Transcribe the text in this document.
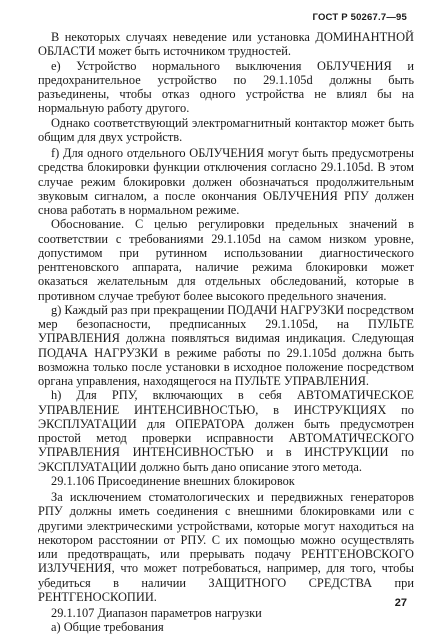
ГОСТ Р 50267.7—95

В некоторых случаях неведение или установка ДОМИНАНТНОЙ ОБЛАСТИ может быть источником трудностей.

e) Устройство нормального выключения ОБЛУЧЕНИЯ и предохранительное устройство по 29.1.105d должны быть разъединены, чтобы отказ одного устройства не влиял бы на нормальную работу другого.

Однако соответствующий электромагнитный контактор может быть общим для двух устройств.

f) Для одного отдельного ОБЛУЧЕНИЯ могут быть предусмотрены средства блокировки функции отключения согласно 29.1.105d. В этом случае режим блокировки должен обозначаться продолжительным звуковым сигналом, а после окончания ОБЛУЧЕНИЯ РПУ должен снова работать в нормальном режиме.

Обоснование. С целью регулировки предельных значений в соответствии с требованиями 29.1.105d на самом низком уровне, допустимом при рутинном использовании диагностического рентгеновского аппарата, наличие режима блокировки может оказаться желательным для отдельных обследований, которые в противном случае требуют более высокого предельного значения.

g) Каждый раз при прекращении ПОДАЧИ НАГРУЗКИ посредством мер безопасности, предписанных 29.1.105d, на ПУЛЬТЕ УПРАВЛЕНИЯ должна появляться видимая индикация. Следующая ПОДАЧА НАГРУЗКИ в режиме работы по 29.1.105d должна быть возможна только после установки в исходное положение посредством органа управления, находящегося на ПУЛЬТЕ УПРАВЛЕНИЯ.

h) Для РПУ, включающих в себя АВТОМАТИЧЕСКОЕ УПРАВЛЕНИЕ ИНТЕНСИВНОСТЬЮ, в ИНСТРУКЦИЯХ по ЭКСПЛУАТАЦИИ для ОПЕРАТОРА должен быть предусмотрен простой метод проверки исправности АВТОМАТИЧЕСКОГО УПРАВЛЕНИЯ ИНТЕНСИВНОСТЬЮ и в ИНСТРУКЦИИ по ЭКСПЛУАТАЦИИ должно быть дано описание этого метода.

29.1.106 Присоединение внешних блокировок

За исключением стоматологических и передвижных генераторов РПУ должны иметь соединения с внешними блокировками или с другими электрическими устройствами, которые могут находиться на некотором расстоянии от РПУ. С их помощью можно осуществлять или предотвращать, или прерывать подачу РЕНТГЕНОВСКОГО ИЗЛУЧЕНИЯ, что может потребоваться, например, для того, чтобы убедиться в наличии ЗАЩИТНОГО СРЕДСТВА при РЕНТГЕНОСКОПИИ.

29.1.107 Диапазон параметров нагрузки

а) Общие требования

27
